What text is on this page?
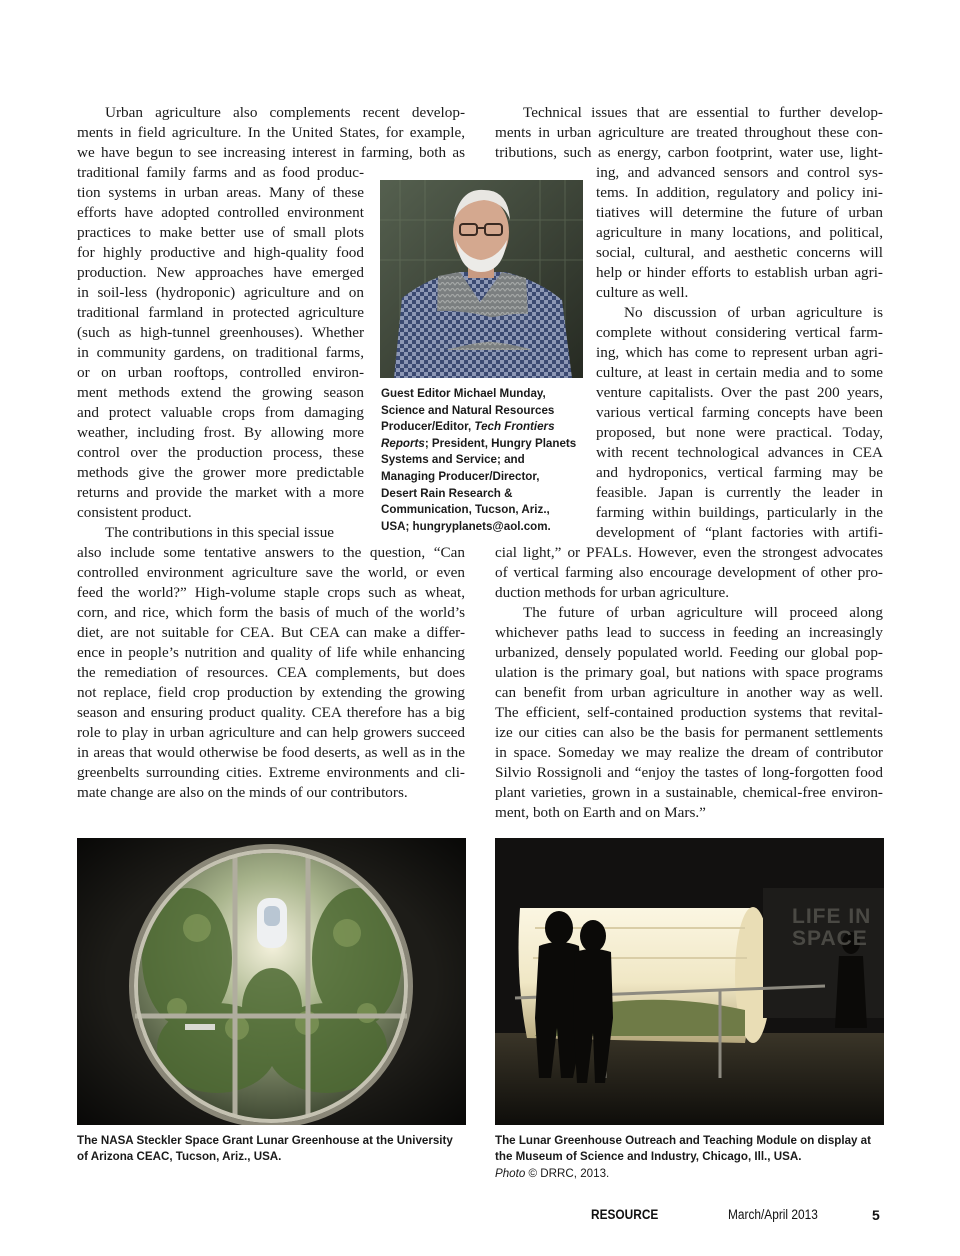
Urban agriculture also complements recent develop-
ments in field agriculture. In the United States, for example,
we have begun to see increasing interest in farming, both as
traditional family farms and as food produc-
tion systems in urban areas. Many of these
efforts have adopted controlled environment
practices to make better use of small plots
for highly productive and high-quality food
production. New approaches have emerged
in soil-less (hydroponic) agriculture and on
traditional farmland in protected agriculture
(such as high-tunnel greenhouses). Whether
in community gardens, on traditional farms,
or on urban rooftops, controlled environ-
ment methods extend the growing season
and protect valuable crops from damaging
weather, including frost. By allowing more
control over the production process, these
methods give the grower more predictable
returns and provide the market with a more
consistent product.
The contributions in this special issue
also include some tentative answers to the question, “Can
controlled environment agriculture save the world, or even
feed the world?” High-volume staple crops such as wheat,
corn, and rice, which form the basis of much of the world’s
diet, are not suitable for CEA. But CEA can make a differ-
ence in people’s nutrition and quality of life while enhancing
the remediation of resources. CEA complements, but does
not replace, field crop production by extending the growing
season and ensuring product quality. CEA therefore has a big
role to play in urban agriculture and can help growers succeed
in areas that would otherwise be food deserts, as well as in the
greenbelts surrounding cities. Extreme environments and cli-
mate change are also on the minds of our contributors.
Technical issues that are essential to further develop-
ments in urban agriculture are treated throughout these con-
tributions, such as energy, carbon footprint, water use, light-
ing, and advanced sensors and control sys-
tems. In addition, regulatory and policy ini-
tiatives will determine the future of urban
agriculture in many locations, and political,
social, cultural, and aesthetic concerns will
help or hinder efforts to establish urban agri-
culture as well.
No discussion of urban agriculture is
complete without considering vertical farm-
ing, which has come to represent urban agri-
culture, at least in certain media and to some
venture capitalists. Over the past 200 years,
various vertical farming concepts have been
proposed, but none were practical. Today,
with recent technological advances in CEA
and hydroponics, vertical farming may be
feasible. Japan is currently the leader in
farming within buildings, particularly in the
development of “plant factories with artifi-
cial light,” or PFALs. However, even the strongest advocates
of vertical farming also encourage development of other pro-
duction methods for urban agriculture.
The future of urban agriculture will proceed along
whichever paths lead to success in feeding an increasingly
urbanized, densely populated world. Feeding our global pop-
ulation is the primary goal, but nations with space programs
can benefit from urban agriculture in another way as well.
The efficient, self-contained production systems that revital-
ize our cities can also be the basis for permanent settlements
in space. Someday we may realize the dream of contributor
Silvio Rossignoli and “enjoy the tastes of long-forgotten food
plant varieties, grown in a sustainable, chemical-free environ-
ment, both on Earth and on Mars.”
Guest Editor Michael Munday,
Science and Natural Resources
Producer/Editor, Tech Frontiers
Reports; President, Hungry Planets
Systems and Service; and
Managing Producer/Director,
Desert Rain Research &
Communication, Tucson, Ariz.,
USA; hungryplanets@aol.com.
LIFE IN
SPACE
The NASA Steckler Space Grant Lunar Greenhouse at the University
of Arizona CEAC, Tucson, Ariz., USA.
The Lunar Greenhouse Outreach and Teaching Module on display at
the Museum of Science and Industry, Chicago, Ill., USA.
Photo © DRRC, 2013.
RESOURCE	March/April 2013	5
